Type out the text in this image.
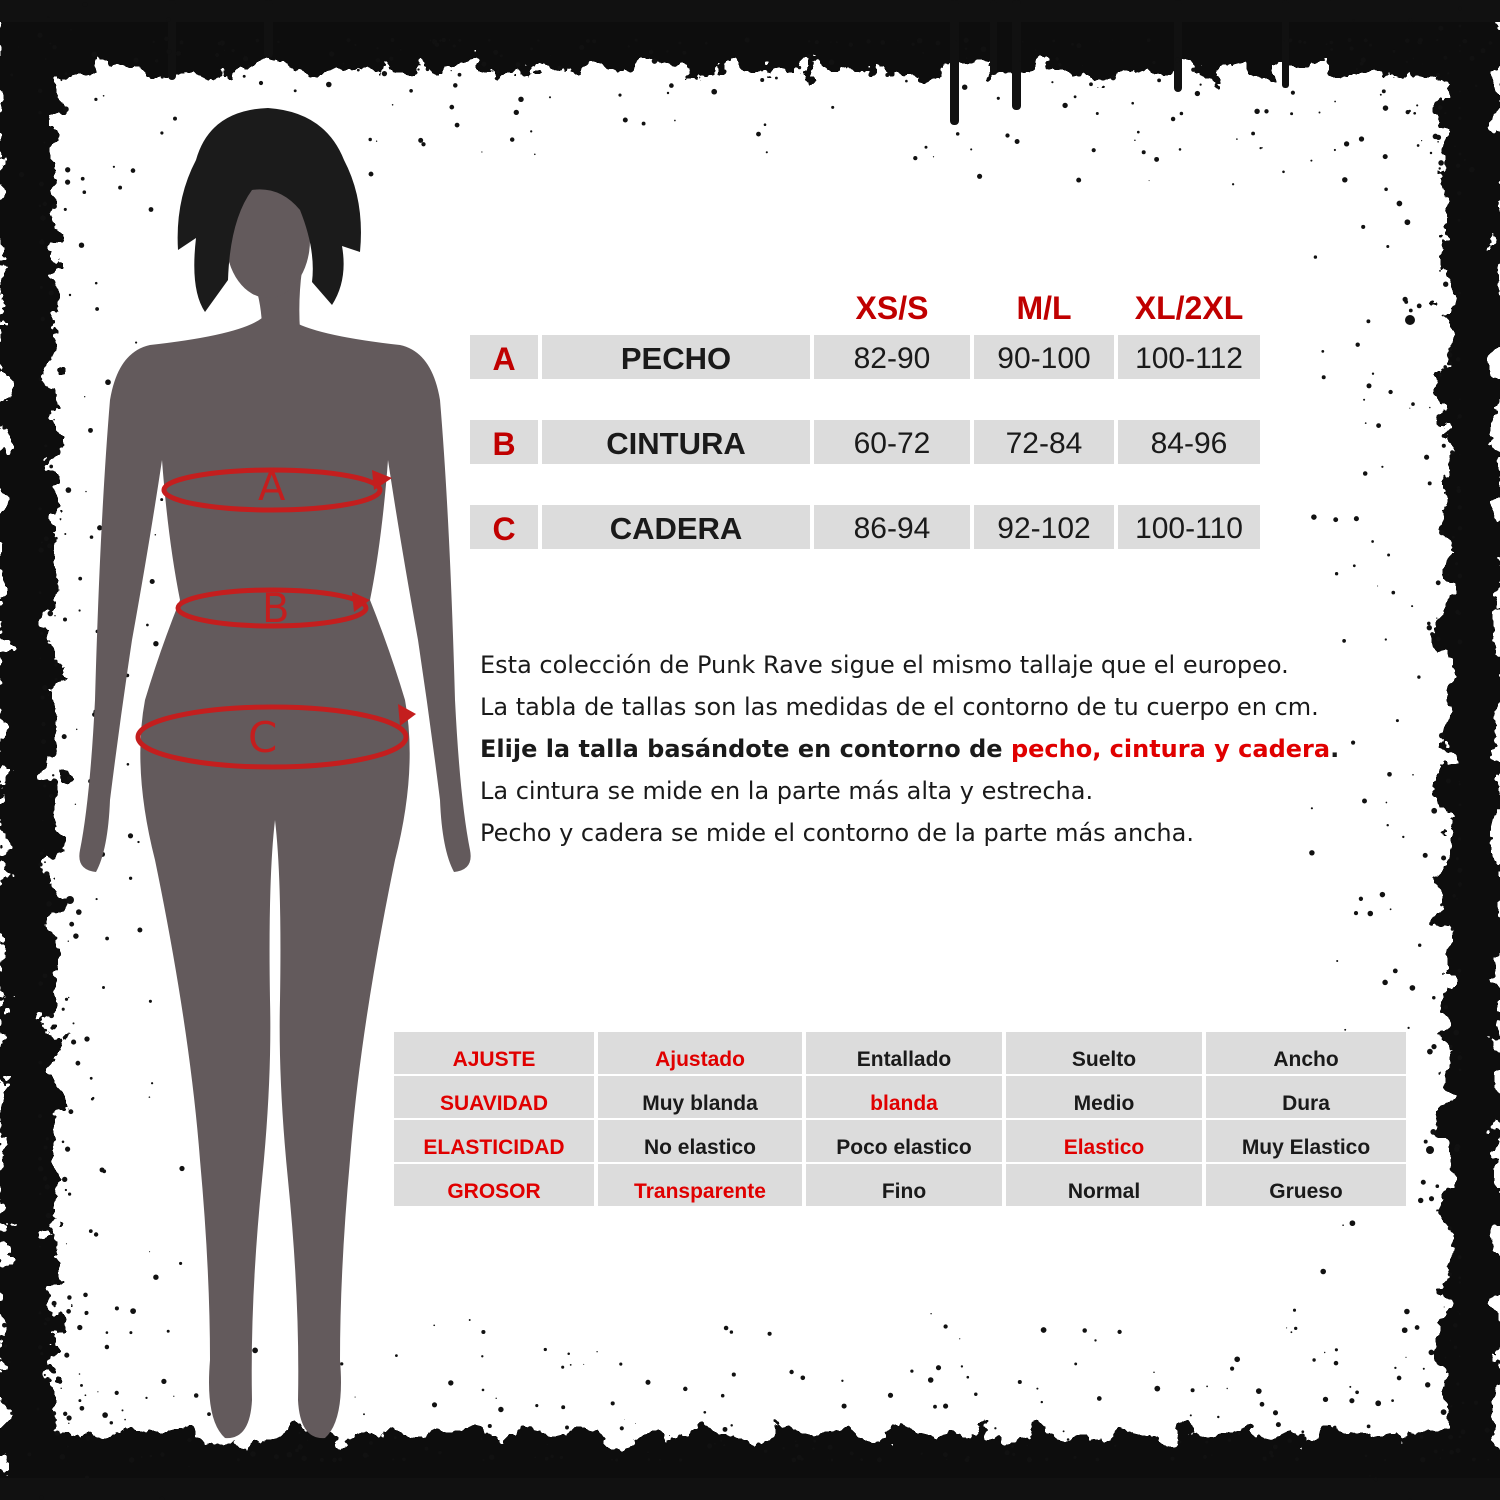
A
B
C
XS/S	M/L	XL/2XL
A	PECHO	82-90	90-100	100-112
B	CINTURA	60-72	72-84	84-96
C	CADERA	86-94	92-102	100-110

Esta colección de Punk Rave sigue el mismo tallaje que el europeo.

La tabla de tallas son las medidas de el contorno de tu cuerpo en cm.

Elije la talla basándote en contorno de pecho, cintura y cadera.

La cintura se mide en la parte más alta y estrecha.

Pecho y cadera se mide el contorno de la parte más ancha.

AJUSTE	Ajustado	Entallado	Suelto	Ancho
SUAVIDAD	Muy blanda	blanda	Medio	Dura
ELASTICIDAD	No elastico	Poco elastico	Elastico	Muy Elastico
GROSOR	Transparente	Fino	Normal	Grueso
